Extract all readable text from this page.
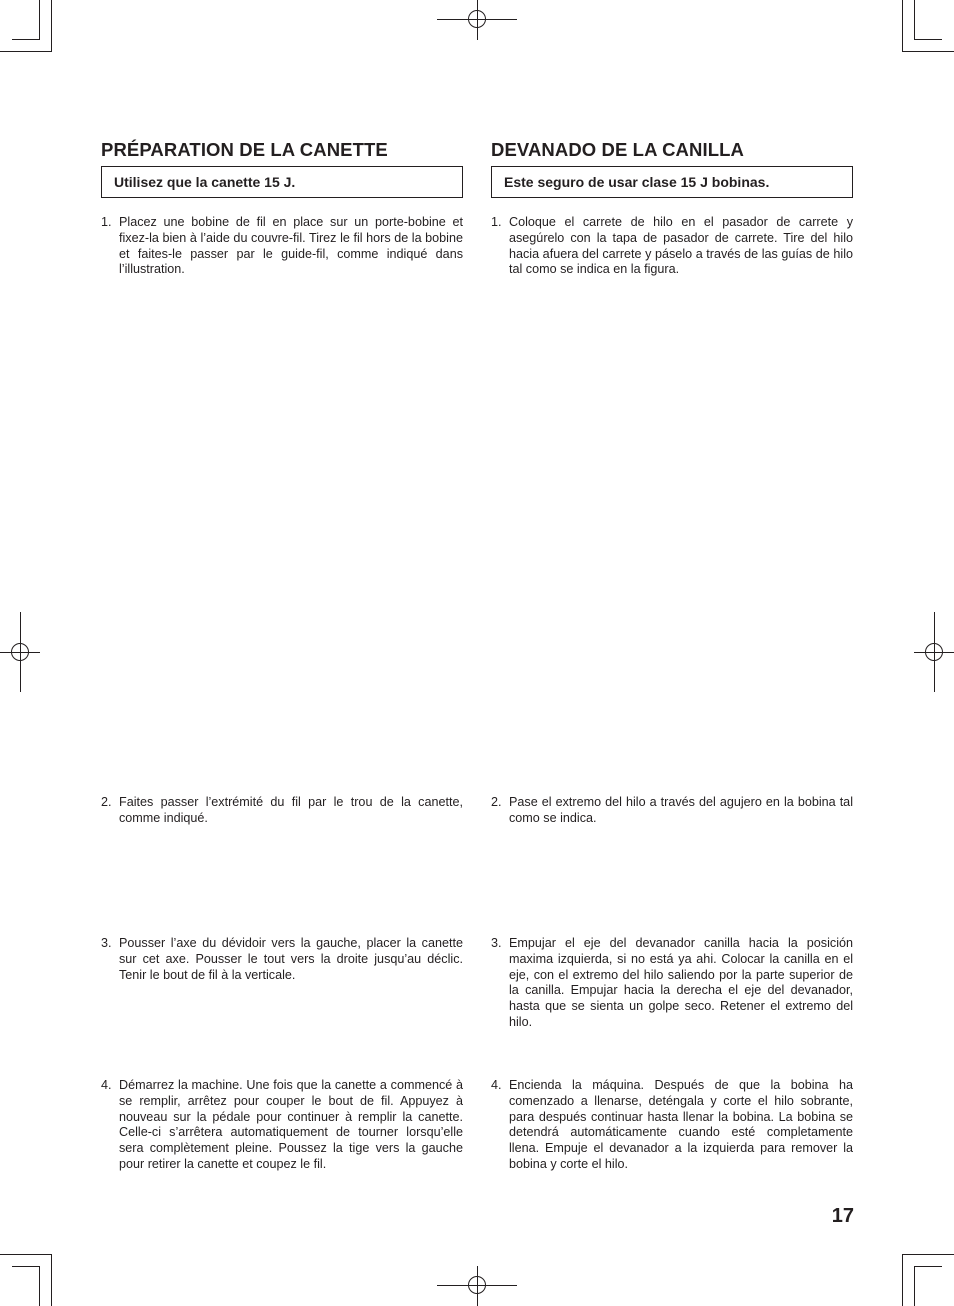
PRÉPARATION DE LA CANETTE
Utilisez que la canette 15 J.
1. Placez une bobine de fil en place sur un porte-bobine et fixez-la bien à l’aide du couvre-fil. Tirez le fil hors de la bobine et faites-le passer par le guide-fil, comme indiqué dans l’illustration.
2. Faites passer l’extrémité du fil par le trou de la canette, comme indiqué.
3. Pousser l’axe du dévidoir vers la gauche, placer la canette sur cet axe. Pousser le tout vers la droite jusqu’au déclic. Tenir le bout de fil à la verticale.
4. Démarrez la machine. Une fois que la canette a commencé à se remplir, arrêtez pour couper le bout de fil. Appuyez à nouveau sur la pédale pour continuer à remplir la canette. Celle-ci s’arrêtera automatiquement de tourner lorsqu’elle sera complètement pleine. Poussez la tige vers la gauche pour retirer la canette et coupez le fil.
DEVANADO DE LA CANILLA
Este seguro de usar clase 15 J bobinas.
1. Coloque el carrete de hilo en el pasador de carrete y asegúrelo con la tapa de pasador de carrete. Tire del hilo hacia afuera del carrete y páselo a través de las guías de hilo tal como se indica en la figura.
2. Pase el extremo del hilo a través del agujero en la bobina tal como se indica.
3. Empujar el eje del devanador canilla hacia la posición maxima izquierda, si no está ya ahi. Colocar la canilla en el eje, con el extremo del hilo saliendo por la parte superior de la canilla. Empujar hacia la derecha el eje del devanador, hasta que se sienta un golpe seco. Retener el extremo del hilo.
4. Encienda la máquina. Después de que la bobina ha comenzado a llenarse, deténgala y corte el hilo sobrante, para después continuar hasta llenar la bobina. La bobina se detendrá automáticamente cuando esté completamente llena. Empuje el devanador a la izquierda para remover la bobina y corte el hilo.
17
